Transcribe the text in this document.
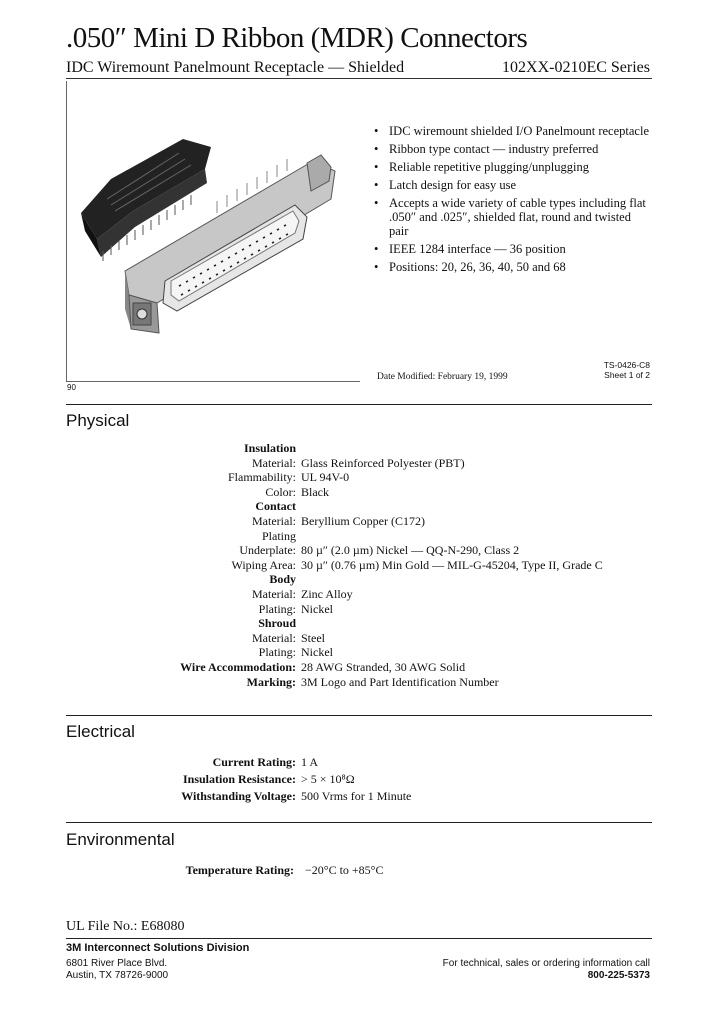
.050″ Mini D Ribbon (MDR) Connectors
IDC Wiremount Panelmount Receptacle — Shielded	102XX-0210EC Series
90
• IDC wiremount shielded I/O Panelmount receptacle
• Ribbon type contact — industry preferred
• Reliable repetitive plugging/unplugging
• Latch design for easy use
• Accepts a wide variety of cable types including flat .050″ and .025″, shielded flat, round and twisted pair
• IEEE 1284 interface — 36 position
• Positions: 20, 26, 36, 40, 50 and 68
TS-0426-C8
Date Modified: February 19, 1999	Sheet 1 of 2
Physical
Insulation
Material: Glass Reinforced Polyester (PBT)
Flammability: UL 94V-0
Color: Black
Contact
Material: Beryllium Copper (C172)
Plating
Underplate: 80 µ″ (2.0 µm) Nickel — QQ-N-290, Class 2
Wiping Area: 30 µ″ (0.76 µm) Min Gold — MIL-G-45204, Type II, Grade C
Body
Material: Zinc Alloy
Plating: Nickel
Shroud
Material: Steel
Plating: Nickel
Wire Accommodation: 28 AWG Stranded, 30 AWG Solid
Marking: 3M Logo and Part Identification Number
Electrical
Current Rating: 1 A
Insulation Resistance: > 5 × 10⁸Ω
Withstanding Voltage: 500 Vrms for 1 Minute
Environmental
Temperature Rating: −20°C to +85°C
UL File No.: E68080
3M Interconnect Solutions Division
6801 River Place Blvd.
Austin, TX 78726-9000
For technical, sales or ordering information call
800-225-5373
